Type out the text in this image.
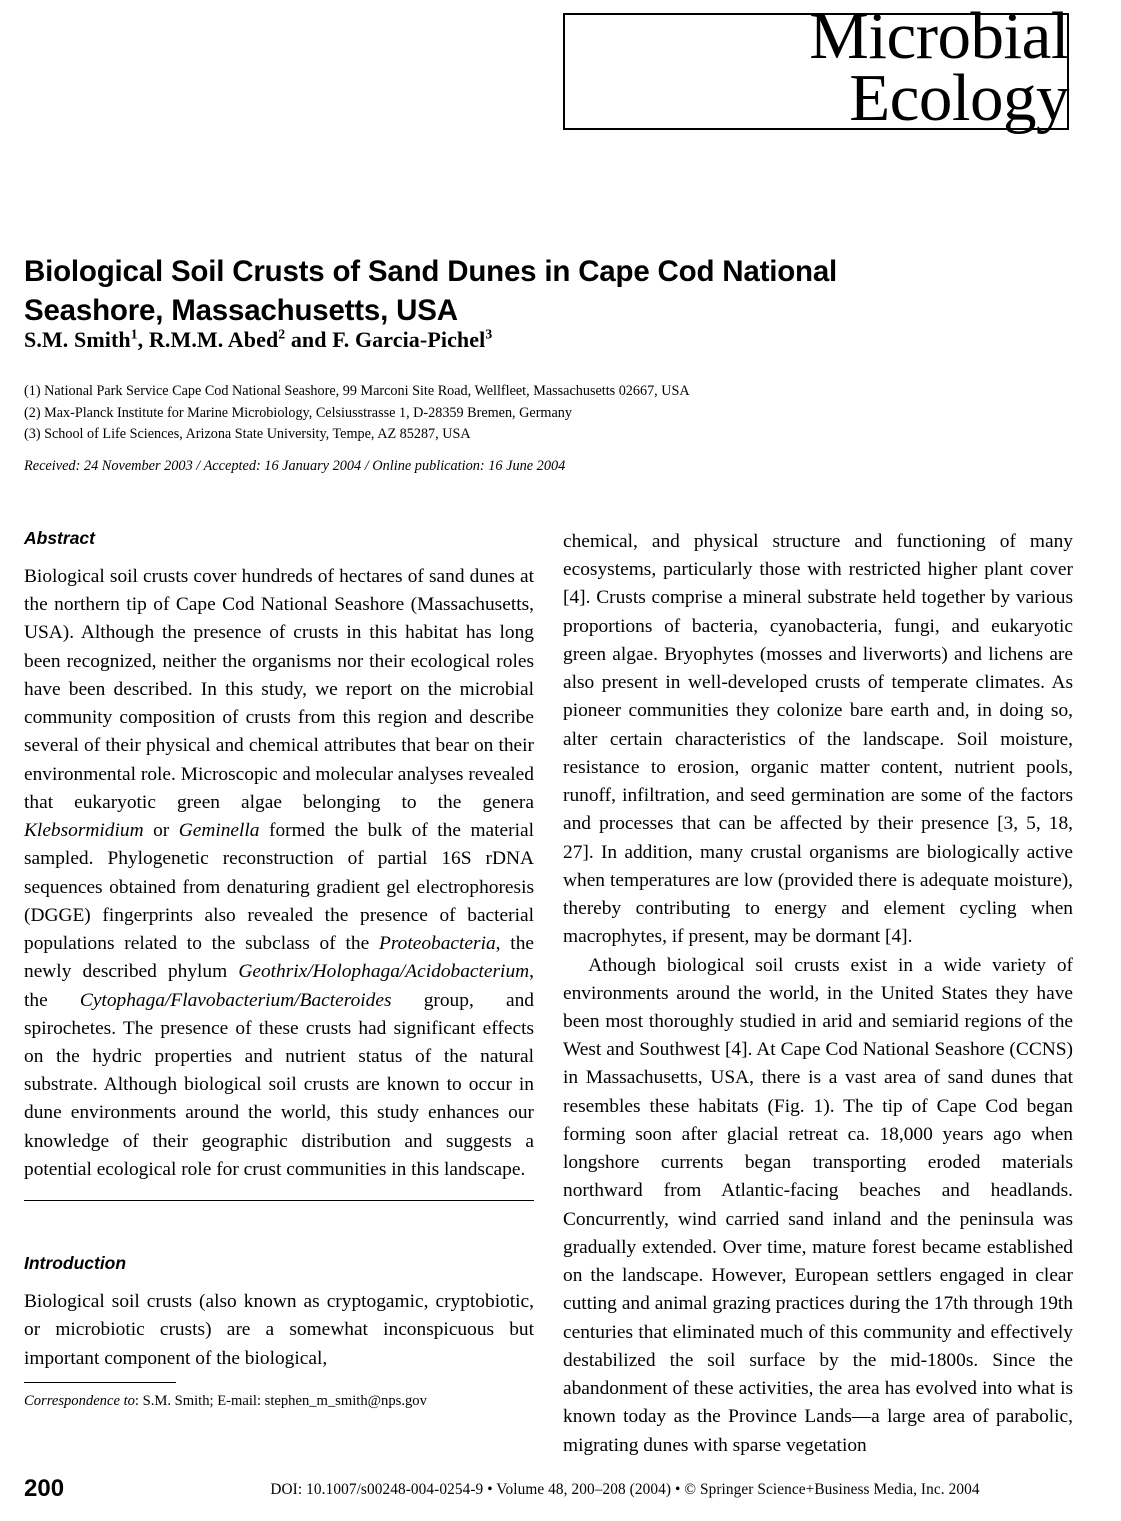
Microbial
Ecology
Biological Soil Crusts of Sand Dunes in Cape Cod National Seashore, Massachusetts, USA
S.M. Smith$^1$, R.M.M. Abed$^2$ and F. Garcia-Pichel$^3$
(1) National Park Service Cape Cod National Seashore, 99 Marconi Site Road, Wellfleet, Massachusetts 02667, USA
(2) Max-Planck Institute for Marine Microbiology, Celsiusstrasse 1, D-28359 Bremen, Germany
(3) School of Life Sciences, Arizona State University, Tempe, AZ 85287, USA
Received: 24 November 2003 / Accepted: 16 January 2004 / Online publication: 16 June 2004
Abstract

Biological soil crusts cover hundreds of hectares of sand dunes at the northern tip of Cape Cod National Seashore (Massachusetts, USA). Although the presence of crusts in this habitat has long been recognized, neither the organisms nor their ecological roles have been described. In this study, we report on the microbial community composition of crusts from this region and describe several of their physical and chemical attributes that bear on their environmental role. Microscopic and molecular analyses revealed that eukaryotic green algae belonging to the genera Klebsormidium or Geminella formed the bulk of the material sampled. Phylogenetic reconstruction of partial 16S rDNA sequences obtained from denaturing gradient gel electrophoresis (DGGE) fingerprints also revealed the presence of bacterial populations related to the subclass of the Proteobacteria, the newly described phylum Geothrix/Holophaga/Acidobacterium, the Cytophaga/Flavobacterium/Bacteroides group, and spirochetes. The presence of these crusts had significant effects on the hydric properties and nutrient status of the natural substrate. Although biological soil crusts are known to occur in dune environments around the world, this study enhances our knowledge of their geographic distribution and suggests a potential ecological role for crust communities in this landscape.

Introduction

Biological soil crusts (also known as cryptogamic, cryptobiotic, or microbiotic crusts) are a somewhat inconspicuous but important component of the biological,

chemical, and physical structure and functioning of many ecosystems, particularly those with restricted higher plant cover [4]. Crusts comprise a mineral substrate held together by various proportions of bacteria, cyanobacteria, fungi, and eukaryotic green algae. Bryophytes (mosses and liverworts) and lichens are also present in well-developed crusts of temperate climates. As pioneer communities they colonize bare earth and, in doing so, alter certain characteristics of the landscape. Soil moisture, resistance to erosion, organic matter content, nutrient pools, runoff, infiltration, and seed germination are some of the factors and processes that can be affected by their presence [3, 5, 18, 27]. In addition, many crustal organisms are biologically active when temperatures are low (provided there is adequate moisture), thereby contributing to energy and element cycling when macrophytes, if present, may be dormant [4].

Athough biological soil crusts exist in a wide variety of environments around the world, in the United States they have been most thoroughly studied in arid and semiarid regions of the West and Southwest [4]. At Cape Cod National Seashore (CCNS) in Massachusetts, USA, there is a vast area of sand dunes that resembles these habitats (Fig. 1). The tip of Cape Cod began forming soon after glacial retreat ca. 18,000 years ago when longshore currents began transporting eroded materials northward from Atlantic-facing beaches and headlands. Concurrently, wind carried sand inland and the peninsula was gradually extended. Over time, mature forest became established on the landscape. However, European settlers engaged in clear cutting and animal grazing practices during the 17th through 19th centuries that eliminated much of this community and effectively destabilized the soil surface by the mid-1800s. Since the abandonment of these activities, the area has evolved into what is known today as the Province Lands—a large area of parabolic, migrating dunes with sparse vegetation

Correspondence to: S.M. Smith; E-mail: stephen_m_smith@nps.gov
200	DOI: 10.1007/s00248-004-0254-9 • Volume 48, 200–208 (2004) • © Springer Science+Business Media, Inc. 2004
